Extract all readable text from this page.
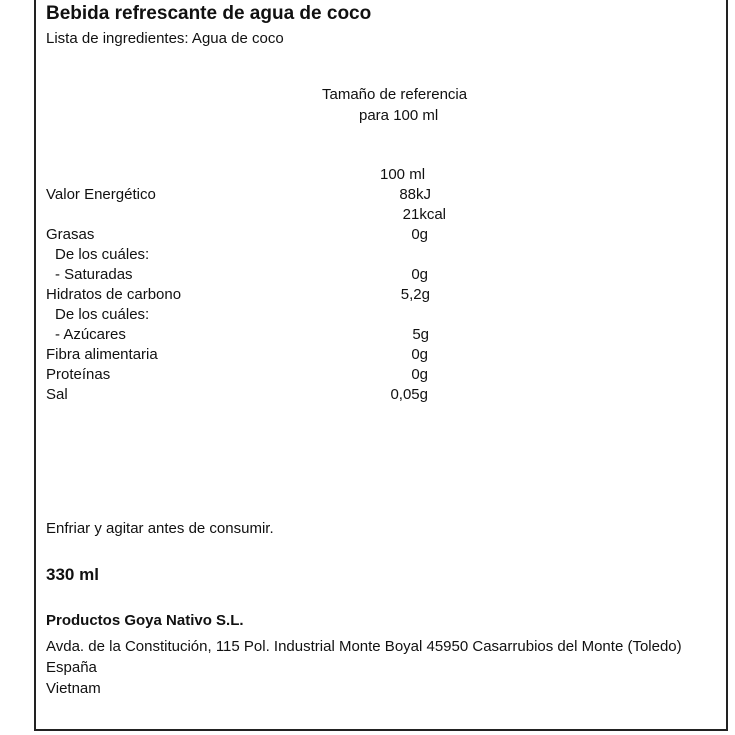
Bebida refrescante de agua de coco
Lista de ingredientes: Agua de coco
Tamaño de referencia
para 100 ml
100 ml
Valor Energético	88kJ
21kcal
Grasas	0g
De los cuáles:
- Saturadas	0g
Hidratos de carbono	5,2g
De los cuáles:
- Azúcares	5g
Fibra alimentaria	0g
Proteínas	0g
Sal	0,05g
Enfriar y agitar antes de consumir.
330 ml
Productos Goya Nativo S.L.
Avda. de la Constitución, 115 Pol. Industrial Monte Boyal 45950 Casarrubios del Monte (Toledo) España
Vietnam
